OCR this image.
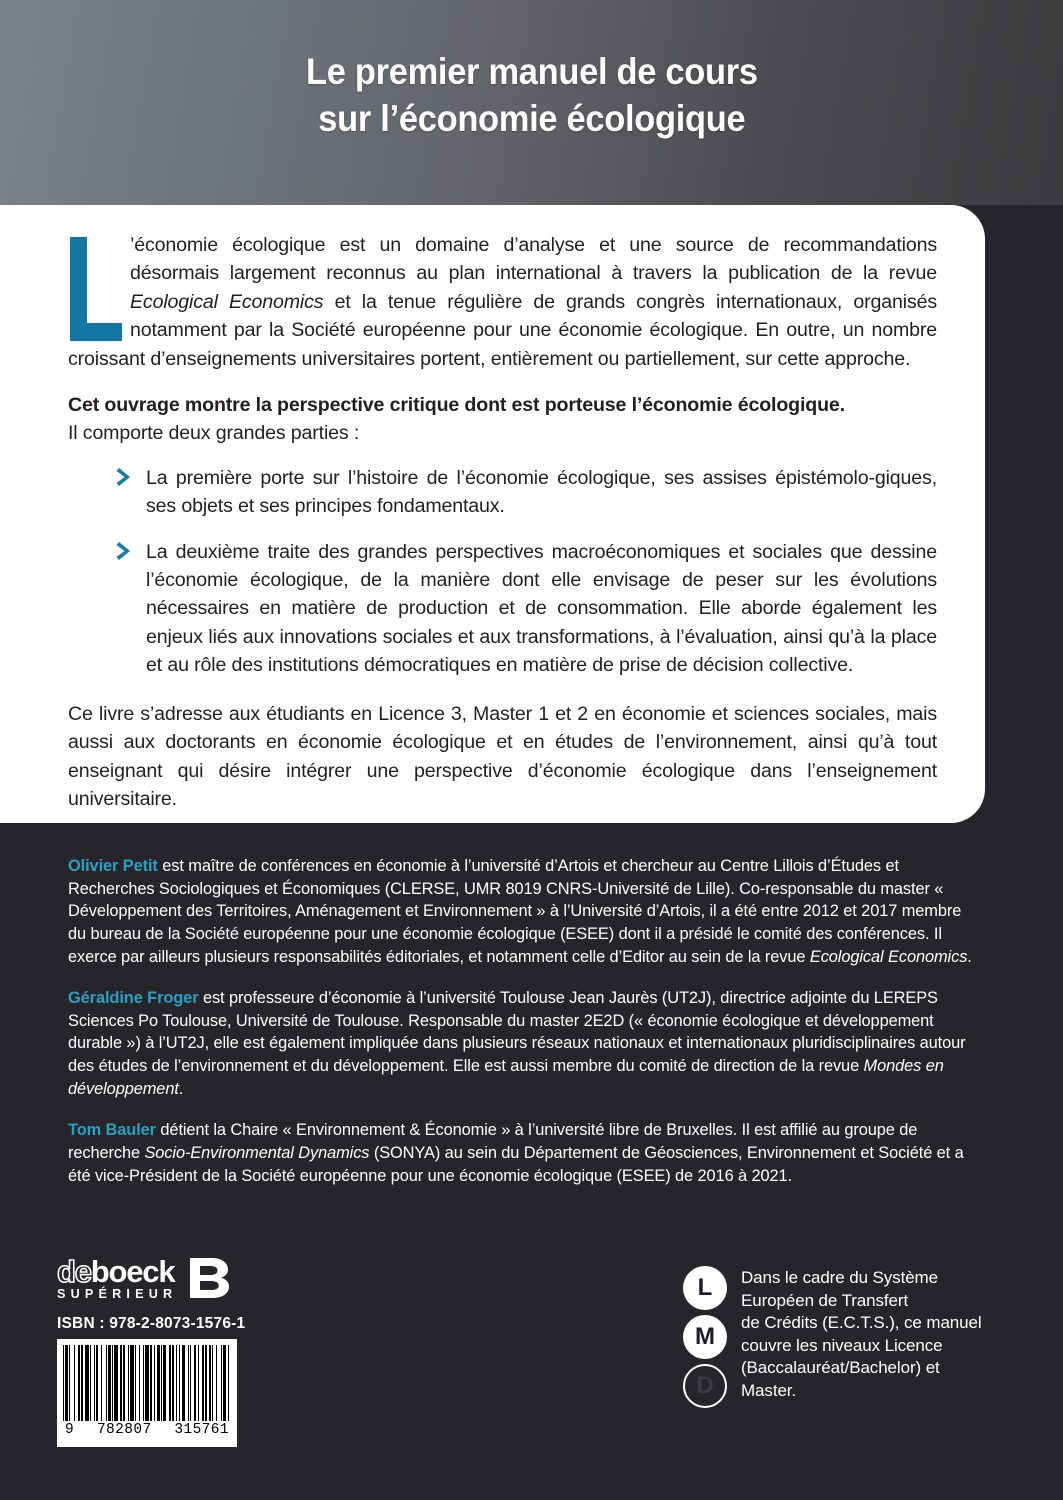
Le premier manuel de cours
sur l’économie écologique

’économie écologique est un domaine d’analyse et une source de recommandations désormais largement reconnus au plan international à travers la publication de la revue Ecological Economics et la tenue régulière de grands congrès internationaux, organisés notamment par la Société européenne pour une économie écologique. En outre, un nombre croissant d’enseignements universitaires portent, entièrement ou partiellement, sur cette approche.

Cet ouvrage montre la perspective critique dont est porteuse l’économie écologique.
Il comporte deux grandes parties :

La première porte sur l’histoire de l’économie écologique, ses assises épistémolo-giques, ses objets et ses principes fondamentaux.
La deuxième traite des grandes perspectives macroéconomiques et sociales que dessine l’économie écologique, de la manière dont elle envisage de peser sur les évolutions nécessaires en matière de production et de consommation. Elle aborde également les enjeux liés aux innovations sociales et aux transformations, à l’évaluation, ainsi qu’à la place et au rôle des institutions démocratiques en matière de prise de décision collective.

Ce livre s’adresse aux étudiants en Licence 3, Master 1 et 2 en économie et sciences sociales, mais aussi aux doctorants en économie écologique et en études de l’environnement, ainsi qu’à tout enseignant qui désire intégrer une perspective d’économie écologique dans l’enseignement universitaire.

Olivier Petit est maître de conférences en économie à l’université d’Artois et chercheur au Centre Lillois d’Études et Recherches Sociologiques et Économiques (CLERSE, UMR 8019 CNRS-Université de Lille). Co-responsable du master « Développement des Territoires, Aménagement et Environnement » à l’Université d’Artois, il a été entre 2012 et 2017 membre du bureau de la Société européenne pour une économie écologique (ESEE) dont il a présidé le comité des conférences. Il exerce par ailleurs plusieurs responsabilités éditoriales, et notamment celle d’Editor au sein de la revue Ecological Economics.
Géraldine Froger est professeure d’économie à l’université Toulouse Jean Jaurès (UT2J), directrice adjointe du LEREPS Sciences Po Toulouse, Université de Toulouse. Responsable du master 2E2D (« économie écologique et développement durable ») à l’UT2J, elle est également impliquée dans plusieurs réseaux nationaux et internationaux pluridisciplinaires autour des études de l’environnement et du développement. Elle est aussi membre du comité de direction de la revue Mondes en développement.
Tom Bauler détient la Chaire « Environnement & Économie » à l’université libre de Bruxelles. Il est affilié au groupe de recherche Socio-Environmental Dynamics (SONYA) au sein du Département de Géosciences, Environnement et Société et a été vice-Président de la Société européenne pour une économie écologique (ESEE) de 2016 à 2021.
deboeck
SUPÉRIEUR
ISBN : 978-2-8073-1576-1
9 782807 315761
L
M
D
Dans le cadre du Système
Européen de Transfert
de Crédits (E.C.T.S.), ce manuel
couvre les niveaux Licence
(Baccalauréat/Bachelor) et
Master.
